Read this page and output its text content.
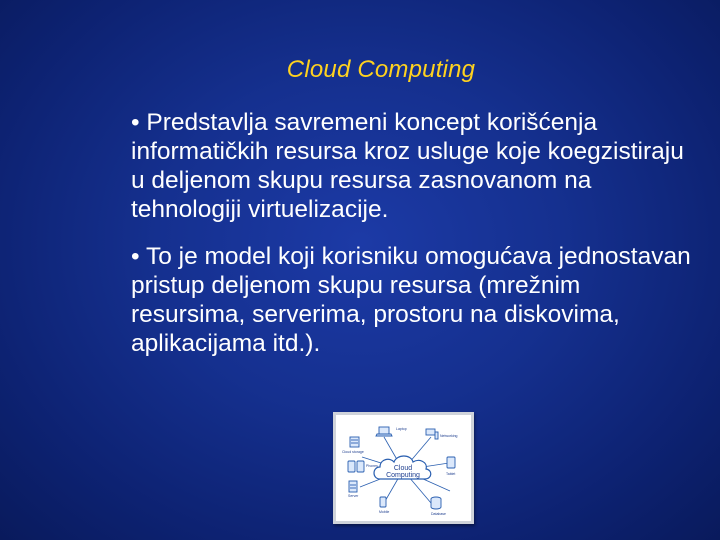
Cloud Computing
• Predstavlja savremeni koncept korišćenja informatičkih resursa kroz usluge koje koegzistiraju u deljenom skupu resursa zasnovanom na tehnologiji virtuelizacije.
• To je model koji korisniku omogućava jednostavan pristup deljenom skupu resursa (mrežnim resursima, serverima, prostoru na diskovima, aplikacijama itd.).
Cloud
Computing
Laptop
Networking
Cloud storage
Phones
Tablet
Server
Mobile	Database
